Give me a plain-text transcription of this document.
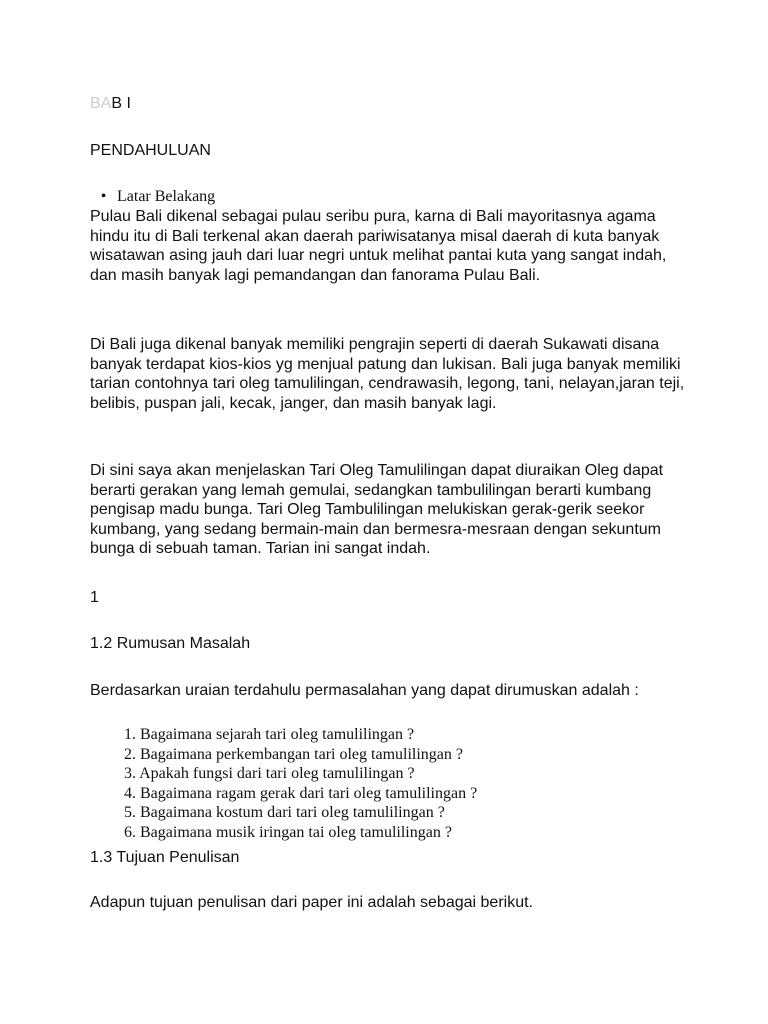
BAB I
PENDAHULUAN
• Latar Belakang
Pulau Bali dikenal sebagai pulau seribu pura, karna di Bali mayoritasnya agama hindu itu di Bali terkenal akan daerah pariwisatanya misal daerah di kuta banyak wisatawan asing jauh dari luar negri untuk melihat pantai kuta yang sangat indah, dan masih banyak lagi pemandangan dan fanorama Pulau Bali.
Di Bali juga dikenal banyak memiliki pengrajin seperti di daerah Sukawati disana banyak terdapat kios-kios yg menjual patung dan lukisan. Bali juga banyak memiliki tarian contohnya tari oleg tamulilingan, cendrawasih, legong, tani, nelayan,jaran teji, belibis, puspan jali, kecak, janger, dan masih banyak lagi.
Di sini saya akan menjelaskan Tari Oleg Tamulilingan dapat diuraikan Oleg dapat berarti gerakan yang lemah gemulai, sedangkan tambulilingan berarti kumbang pengisap madu bunga. Tari Oleg Tambulilingan melukiskan gerak-gerik seekor kumbang, yang sedang bermain-main dan bermesra-mesraan dengan sekuntum bunga di sebuah taman. Tarian ini sangat indah.
1
1.2 Rumusan Masalah
Berdasarkan uraian terdahulu permasalahan yang dapat dirumuskan adalah :
1. Bagaimana sejarah tari oleg tamulilingan ?
2. Bagaimana perkembangan tari oleg tamulilingan ?
3. Apakah fungsi dari tari oleg tamulilingan ?
4. Bagaimana ragam gerak dari tari oleg tamulilingan ?
5. Bagaimana kostum dari tari oleg tamulilingan ?
6. Bagaimana musik iringan tai oleg tamulilingan ?
1.3 Tujuan Penulisan
Adapun tujuan penulisan dari paper ini adalah sebagai berikut.
